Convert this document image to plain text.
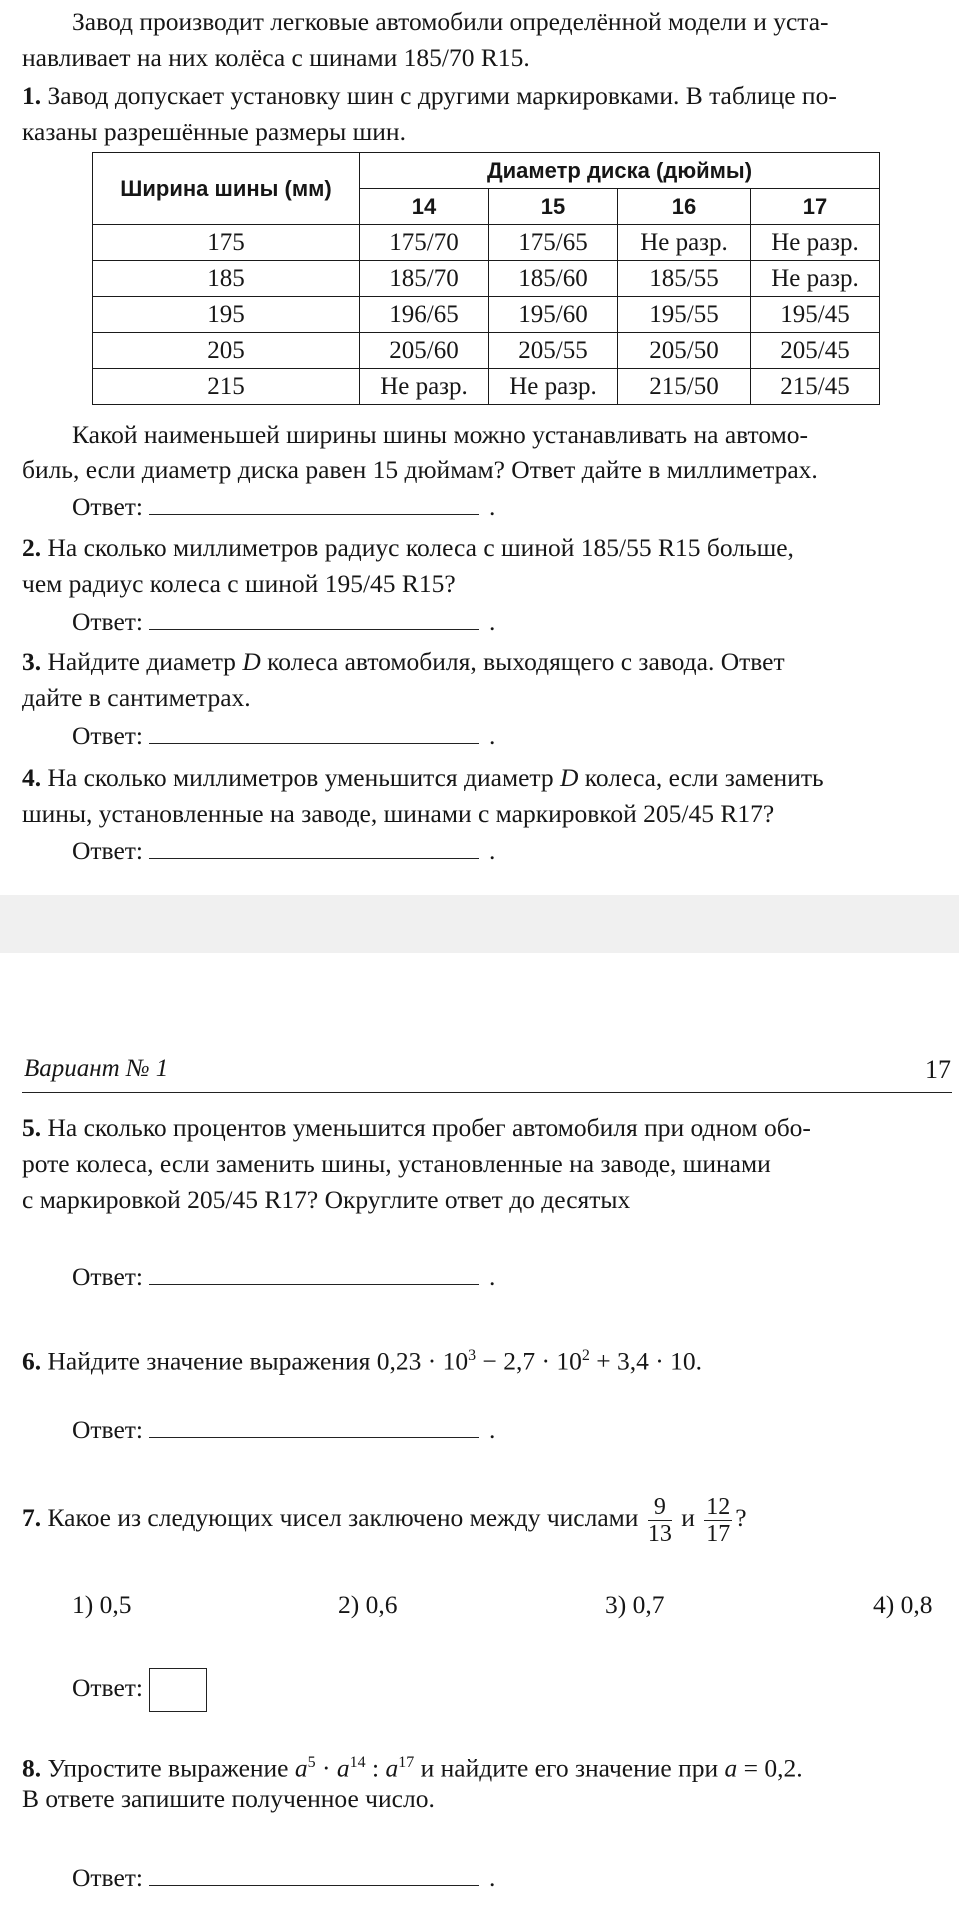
Завод производит легковые автомобили определённой модели и уста-
навливает на них колёса с шинами 185/70 R15.
1. Завод допускает установку шин с другими маркировками. В таблице по-
казаны разрешённые размеры шин.
Ширина шины (мм)	Диаметр диска (дюймы)			
	14	15	16	17
175	175/70	175/65	Не разр.	Не разр.
185	185/70	185/60	185/55	Не разр.
195	196/65	195/60	195/55	195/45
205	205/60	205/55	205/50	205/45
215	Не разр.	Не разр.	215/50	215/45
Какой наименьшей ширины шины можно устанавливать на автомо-
биль, если диаметр диска равен 15 дюймам? Ответ дайте в миллиметрах.
Ответ:	.
2. На сколько миллиметров радиус колеса с шиной 185/55 R15 больше,
чем радиус колеса с шиной 195/45 R15?
Ответ:	.
3. Найдите диаметр D колеса автомобиля, выходящего с завода. Ответ
дайте в сантиметрах.
Ответ:	.
4. На сколько миллиметров уменьшится диаметр D колеса, если заменить
шины, установленные на заводе, шинами с маркировкой 205/45 R17?
Ответ:	.
Вариант № 1	17
5. На сколько процентов уменьшится пробег автомобиля при одном обо-
роте колеса, если заменить шины, установленные на заводе, шинами
с маркировкой 205/45 R17? Округлите ответ до десятых
Ответ:	.
6. Найдите значение выражения $0,23 \cdot 10^3 - 2,7 \cdot 10^2 + 3,4 \cdot 10$.
Ответ:	.
7. Какое из следующих чисел заключено между числами $\frac{9}{13}$ и $\frac{12}{17}$ ?
1) 0,5	2) 0,6	3) 0,7	4) 0,8
Ответ:
8. Упростите выражение $a^5 \cdot a^{14}$ : $a^{17}$ и найдите его значение при a = 0,2.
В ответе запишите полученное число.
Ответ:	.
